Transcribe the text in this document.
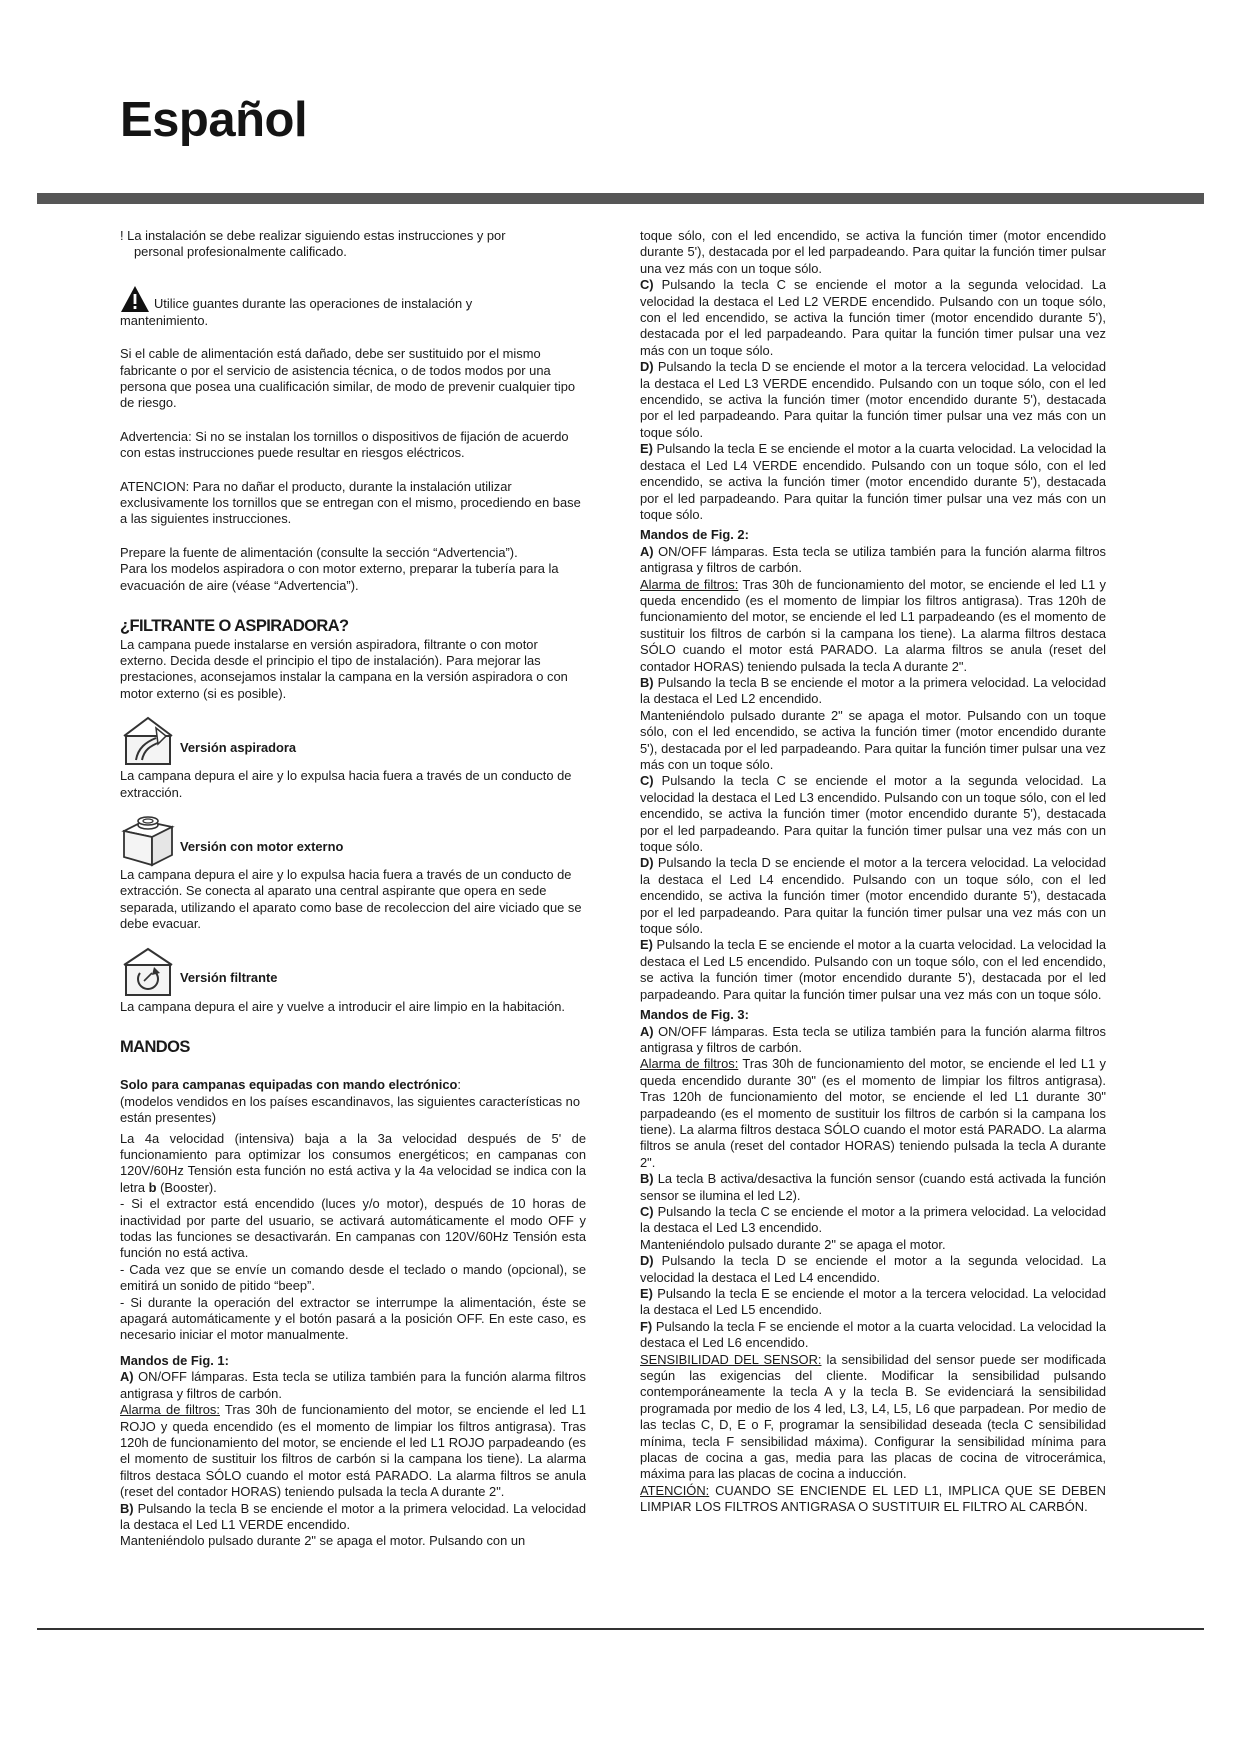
Español

! La instalación se debe realizar siguiendo estas instrucciones y por

personal profesionalmente calificado.

Utilice guantes durante las operaciones de instalación y

mantenimiento.

Si el cable de alimentación está dañado, debe ser sustituido por el mismo fabricante o por el servicio de asistencia técnica, o de todos modos por una persona que posea una cualificación similar, de modo de prevenir cualquier tipo de riesgo.

Advertencia: Si no se instalan los tornillos o dispositivos de fijación de acuerdo con estas instrucciones puede resultar en riesgos eléctricos.

ATENCION: Para no dañar el producto, durante la instalación utilizar exclusivamente los tornillos que se entregan con el mismo, procediendo en base a las siguientes instrucciones.

Prepare la fuente de alimentación (consulte la sección “Advertencia”).

Para los modelos aspiradora o con motor externo, preparar la tubería para la evacuación de aire (véase “Advertencia”).

¿FILTRANTE O ASPIRADORA?

La campana puede instalarse en versión aspiradora, filtrante o con motor externo. Decida desde el principio el tipo de instalación). Para mejorar las prestaciones, aconsejamos instalar la campana en la versión aspiradora o con motor externo (si es posible).

Versión aspiradora

La campana depura el aire y lo expulsa hacia fuera a través de un conducto de extracción.

Versión con motor externo

La campana depura el aire y lo expulsa hacia fuera a través de un conducto de extracción. Se conecta al aparato una central aspirante que opera en sede separada, utilizando el aparato como base de recoleccion del aire viciado que se debe evacuar.

Versión filtrante

La campana depura el aire y vuelve a introducir el aire limpio en la habitación.

MANDOS

Solo para campanas equipadas con mando electrónico:

(modelos vendidos en los países escandinavos, las siguientes características no están presentes)

La 4a velocidad (intensiva) baja a la 3a velocidad después de 5' de funcionamiento para optimizar los consumos energéticos; en campanas con 120V/60Hz Tensión esta función no está activa y la 4a velocidad se indica con la letra b (Booster).

- Si el extractor está encendido (luces y/o motor), después de 10 horas de inactividad por parte del usuario, se activará automáticamente el modo OFF y todas las funciones se desactivarán. En campanas con 120V/60Hz Tensión esta función no está activa.

- Cada vez que se envíe un comando desde el teclado o mando (opcional), se emitirá un sonido de pitido “beep”.

- Si durante la operación del extractor se interrumpe la alimentación, éste se apagará automáticamente y el botón pasará a la posición OFF. En este caso, es necesario iniciar el motor manualmente.

Mandos de Fig. 1:

A) ON/OFF lámparas. Esta tecla se utiliza también para la función alarma filtros antigrasa y filtros de carbón.

Alarma de filtros: Tras 30h de funcionamiento del motor, se enciende el led L1 ROJO y queda encendido (es el momento de limpiar los filtros antigrasa). Tras 120h de funcionamiento del motor, se enciende el led L1 ROJO parpadeando (es el momento de sustituir los filtros de carbón si la campana los tiene). La alarma filtros destaca SÓLO cuando el motor está PARADO. La alarma filtros se anula (reset del contador HORAS) teniendo pulsada la tecla A durante 2".

B) Pulsando la tecla B se enciende el motor a la primera velocidad. La velocidad la destaca el Led L1 VERDE encendido.

Manteniéndolo pulsado durante 2" se apaga el motor. Pulsando con un

toque sólo, con el led encendido, se activa la función timer (motor encendido durante 5'), destacada por el led parpadeando. Para quitar la función timer pulsar una vez más con un toque sólo.

C) Pulsando la tecla C se enciende el motor a la segunda velocidad. La velocidad la destaca el Led L2 VERDE encendido. Pulsando con un toque sólo, con el led encendido, se activa la función timer (motor encendido durante 5'), destacada por el led parpadeando. Para quitar la función timer pulsar una vez más con un toque sólo.

D) Pulsando la tecla D se enciende el motor a la tercera velocidad. La velocidad la destaca el Led L3 VERDE encendido. Pulsando con un toque sólo, con el led encendido, se activa la función timer (motor encendido durante 5'), destacada por el led parpadeando. Para quitar la función timer pulsar una vez más con un toque sólo.

E) Pulsando la tecla E se enciende el motor a la cuarta velocidad. La velocidad la destaca el Led L4 VERDE encendido. Pulsando con un toque sólo, con el led encendido, se activa la función timer (motor encendido durante 5'), destacada por el led parpadeando. Para quitar la función timer pulsar una vez más con un toque sólo.

Mandos de Fig. 2:

A) ON/OFF lámparas. Esta tecla se utiliza también para la función alarma filtros antigrasa y filtros de carbón.

Alarma de filtros: Tras 30h de funcionamiento del motor, se enciende el led L1 y queda encendido (es el momento de limpiar los filtros antigrasa). Tras 120h de funcionamiento del motor, se enciende el led L1 parpadeando (es el momento de sustituir los filtros de carbón si la campana los tiene). La alarma filtros destaca SÓLO cuando el motor está PARADO. La alarma filtros se anula (reset del contador HORAS) teniendo pulsada la tecla A durante 2".

B) Pulsando la tecla B se enciende el motor a la primera velocidad. La velocidad la destaca el Led L2 encendido.

Manteniéndolo pulsado durante 2" se apaga el motor. Pulsando con un toque sólo, con el led encendido, se activa la función timer (motor encendido durante 5'), destacada por el led parpadeando. Para quitar la función timer pulsar una vez más con un toque sólo.

C) Pulsando la tecla C se enciende el motor a la segunda velocidad. La velocidad la destaca el Led L3 encendido. Pulsando con un toque sólo, con el led encendido, se activa la función timer (motor encendido durante 5'), destacada por el led parpadeando. Para quitar la función timer pulsar una vez más con un toque sólo.

D) Pulsando la tecla D se enciende el motor a la tercera velocidad. La velocidad la destaca el Led L4 encendido. Pulsando con un toque sólo, con el led encendido, se activa la función timer (motor encendido durante 5'), destacada por el led parpadeando. Para quitar la función timer pulsar una vez más con un toque sólo.

E) Pulsando la tecla E se enciende el motor a la cuarta velocidad. La velocidad la destaca el Led L5 encendido. Pulsando con un toque sólo, con el led encendido, se activa la función timer (motor encendido durante 5'), destacada por el led parpadeando. Para quitar la función timer pulsar una vez más con un toque sólo.

Mandos de Fig. 3:

A) ON/OFF lámparas. Esta tecla se utiliza también para la función alarma filtros antigrasa y filtros de carbón.

Alarma de filtros: Tras 30h de funcionamiento del motor, se enciende el led L1 y queda encendido durante 30" (es el momento de limpiar los filtros antigrasa). Tras 120h de funcionamiento del motor, se enciende el led L1 durante 30" parpadeando (es el momento de sustituir los filtros de carbón si la campana los tiene). La alarma filtros destaca SÓLO cuando el motor está PARADO. La alarma filtros se anula (reset del contador HORAS) teniendo pulsada la tecla A durante 2".

B) La tecla B activa/desactiva la función sensor (cuando está activada la función sensor se ilumina el led L2).

C) Pulsando la tecla C se enciende el motor a la primera velocidad. La velocidad la destaca el Led L3 encendido.

Manteniéndolo pulsado durante 2" se apaga el motor.

D) Pulsando la tecla D se enciende el motor a la segunda velocidad. La velocidad la destaca el Led L4 encendido.

E) Pulsando la tecla E se enciende el motor a la tercera velocidad. La velocidad la destaca el Led L5 encendido.

F) Pulsando la tecla F se enciende el motor a la cuarta velocidad. La velocidad la destaca el Led L6 encendido.

SENSIBILIDAD DEL SENSOR: la sensibilidad del sensor puede ser modificada según las exigencias del cliente. Modificar la sensibilidad pulsando contemporáneamente la tecla A y la tecla B. Se evidenciará la sensibilidad programada por medio de los 4 led, L3, L4, L5, L6 que parpadean. Por medio de las teclas C, D, E o F, programar la sensibilidad deseada (tecla C sensibilidad mínima, tecla F sensibilidad máxima). Configurar la sensibilidad mínima para placas de cocina a gas, media para las placas de cocina de vitrocerámica, máxima para las placas de cocina a inducción.

ATENCIÓN: CUANDO SE ENCIENDE EL LED L1, IMPLICA QUE SE DEBEN LIMPIAR LOS FILTROS ANTIGRASA O SUSTITUIR EL FILTRO AL CARBÓN.
